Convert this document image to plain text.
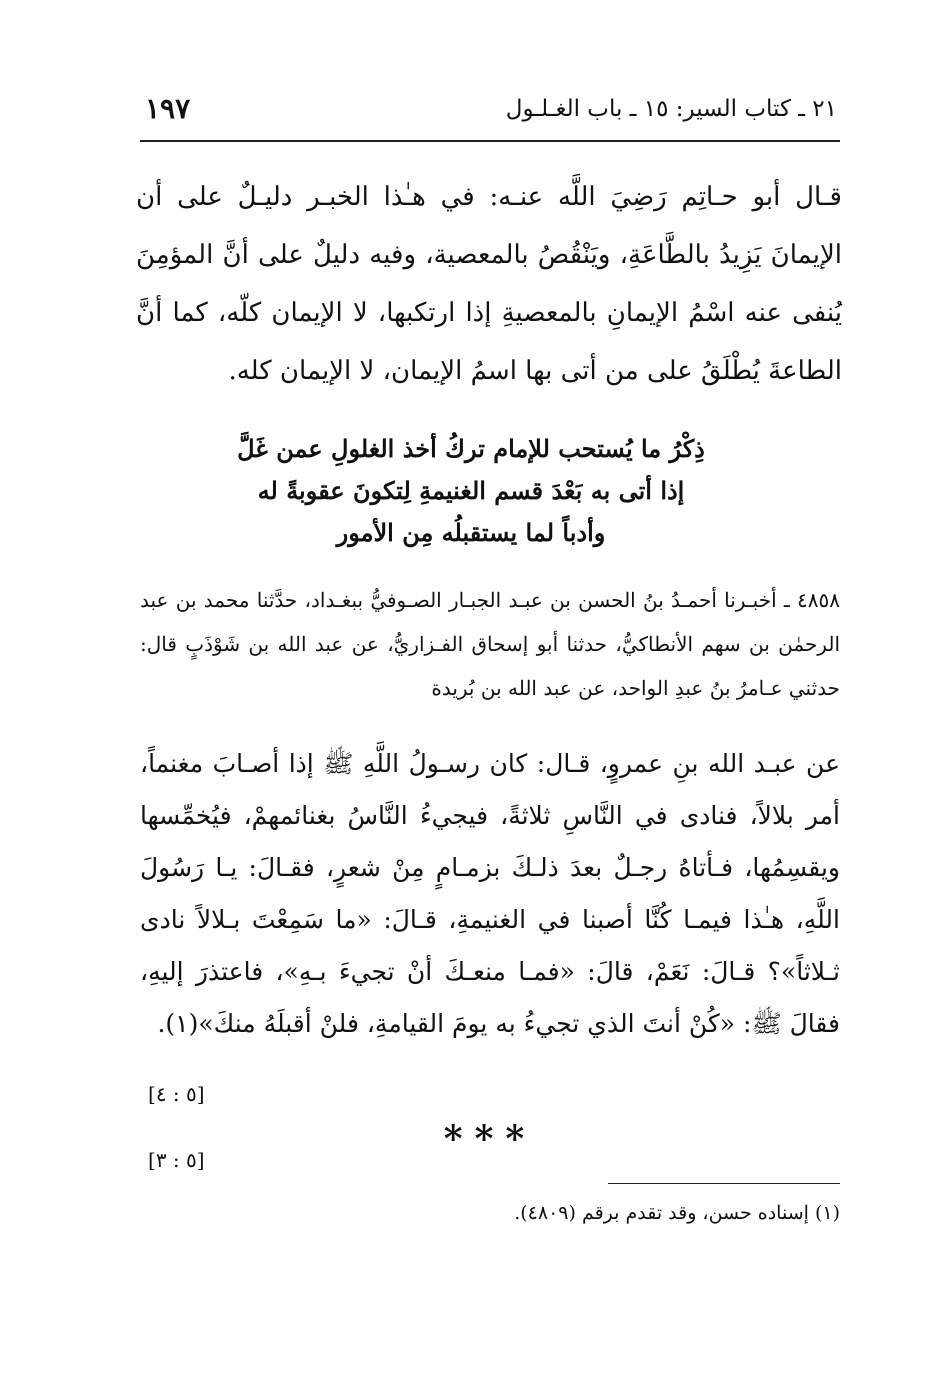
١٩٧	٢١ ـ كتاب السير: ١٥ ـ باب الغـلـول
قـال أبو حـاتِم رَضِيَ اللَّه عنـه: في هـٰذا الخبـر دليـلٌ على أن الإيمانَ يَزِيدُ بالطَّاعَةِ، ويَنْقُصُ بالمعصية، وفيه دليلٌ على أنَّ المؤمِنَ يُنفى عنه اسْمُ الإيمانِ بالمعصيةِ إذا ارتكبها، لا الإيمان كلّه، كما أنَّ الطاعةَ يُطْلَقُ على من أتى بها اسمُ الإيمان، لا الإيمان كله.
ذِكْرُ ما يُستحب للإمام تركُ أخذ الغلولِ عمن غَلَّ
إذا أتى به بَعْدَ قسم الغنيمةِ لِتكونَ عقوبةً له
وأدباً لما يستقبلُه مِن الأمور
٤٨٥٨ ـ أخبـرنا أحمـدُ بنُ الحسن بن عبـد الجبـار الصـوفيُّ ببغـداد، حدَّثنا محمد بن عبد الرحمٰن بن سهم الأنطاكيُّ، حدثنا أبو إسحاق الفـزاريُّ، عن عبد الله بن شَوْذَبٍ قال: حدثني عـامرُ بنُ عبدِ الواحد، عن عبد الله بن بُريدة
عن عبـد الله بنِ عمروٍ، قـال: كان رسـولُ اللَّهِ ﷺ إذا أصـابَ مغنماً، أمر بلالاً، فنادى في النَّاسِ ثلاثةً، فيجيءُ النَّاسُ بغنائمهمْ، فيُخمِّسها ويقسِمُها، فـأتاهُ رجـلٌ بعدَ ذلـكَ بزمـامٍ مِنْ شعرٍ، فقـالَ: يـا رَسُولَ اللَّهِ، هـٰذا فيمـا كُنَّا أصبنا في الغنيمةِ، قـالَ: «ما سَمِعْتَ بـلالاً نادى ثـلاثاً»؟ قـالَ: نَعَمْ، قالَ: «فمـا منعـكَ أنْ تجيءَ بـهِ»، فاعتذرَ إليهِ، فقالَ ﷺ: «كُنْ أنتَ الذي تجيءُ به يومَ القيامةِ، فلنْ أقبلَهُ منكَ»(١).
[٥ : ٤]
***
[٥ : ٣]
(١) إسناده حسن، وقد تقدم برقم (٤٨٠٩).
